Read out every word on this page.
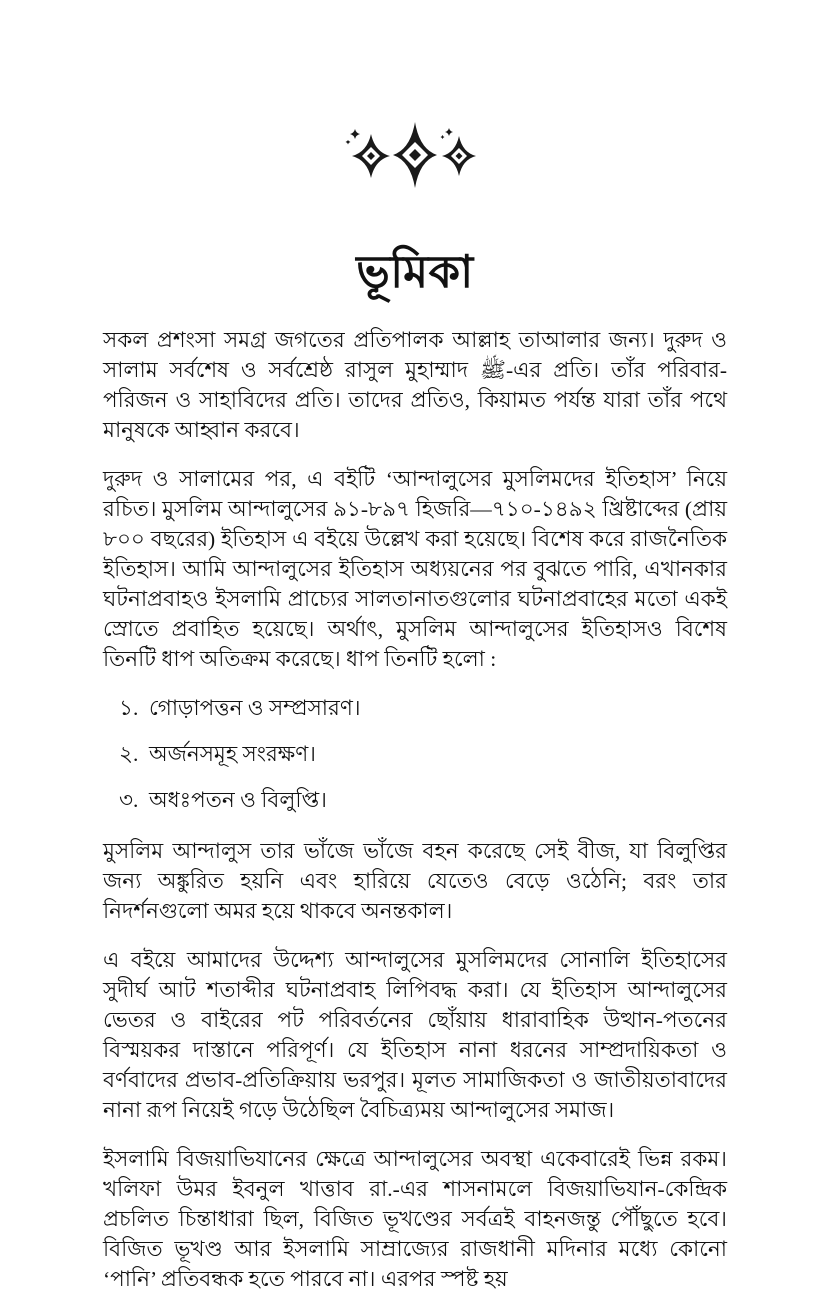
ভূমিকা

সকল প্রশংসা সমগ্র জগতের প্রতিপালক আল্লাহ তাআলার জন্য। দুরুদ ও সালাম সর্বশেষ ও সর্বশ্রেষ্ঠ রাসুল মুহাম্মাদ ﷺ-এর প্রতি। তাঁর পরিবার-পরিজন ও সাহাবিদের প্রতি। তাদের প্রতিও, কিয়ামত পর্যন্ত যারা তাঁর পথে মানুষকে আহ্বান করবে।

দুরুদ ও সালামের পর, এ বইটি ‘আন্দালুসের মুসলিমদের ইতিহাস’ নিয়ে রচিত। মুসলিম আন্দালুসের ৯১-৮৯৭ হিজরি—৭১০-১৪৯২ খ্রিষ্টাব্দের (প্রায় ৮০০ বছরের) ইতিহাস এ বইয়ে উল্লেখ করা হয়েছে। বিশেষ করে রাজনৈতিক ইতিহাস। আমি আন্দালুসের ইতিহাস অধ্যয়নের পর বুঝতে পারি, এখানকার ঘটনাপ্রবাহও ইসলামি প্রাচ্যের সালতানাতগুলোর ঘটনাপ্রবাহের মতো একই স্রোতে প্রবাহিত হয়েছে। অর্থাৎ, মুসলিম আন্দালুসের ইতিহাসও বিশেষ তিনটি ধাপ অতিক্রম করেছে। ধাপ তিনটি হলো :

১. গোড়াপত্তন ও সম্প্রসারণ।
২. অর্জনসমূহ সংরক্ষণ।
৩. অধঃপতন ও বিলুপ্তি।

মুসলিম আন্দালুস তার ভাঁজে ভাঁজে বহন করেছে সেই বীজ, যা বিলুপ্তির জন্য অঙ্কুরিত হয়নি এবং হারিয়ে যেতেও বেড়ে ওঠেনি; বরং তার নিদর্শনগুলো অমর হয়ে থাকবে অনন্তকাল।

এ বইয়ে আমাদের উদ্দেশ্য আন্দালুসের মুসলিমদের সোনালি ইতিহাসের সুদীর্ঘ আট শতাব্দীর ঘটনাপ্রবাহ লিপিবদ্ধ করা। যে ইতিহাস আন্দালুসের ভেতর ও বাইরের পট পরিবর্তনের ছোঁয়ায় ধারাবাহিক উত্থান-পতনের বিস্ময়কর দাস্তানে পরিপূর্ণ। যে ইতিহাস নানা ধরনের সাম্প্রদায়িকতা ও বর্ণবাদের প্রভাব-প্রতিক্রিয়ায় ভরপুর। মূলত সামাজিকতা ও জাতীয়তাবাদের নানা রূপ নিয়েই গড়ে উঠেছিল বৈচিত্র্যময় আন্দালুসের সমাজ।

ইসলামি বিজয়াভিযানের ক্ষেত্রে আন্দালুসের অবস্থা একেবারেই ভিন্ন রকম। খলিফা উমর ইবনুল খাত্তাব রা.-এর শাসনামলে বিজয়াভিযান-কেন্দ্রিক প্রচলিত চিন্তাধারা ছিল, বিজিত ভূখণ্ডের সর্বত্রই বাহনজন্তু পৌঁছুতে হবে। বিজিত ভূখণ্ড আর ইসলামি সাম্রাজ্যের রাজধানী মদিনার মধ্যে কোনো ‘পানি’ প্রতিবন্ধক হতে পারবে না। এরপর স্পষ্ট হয়
